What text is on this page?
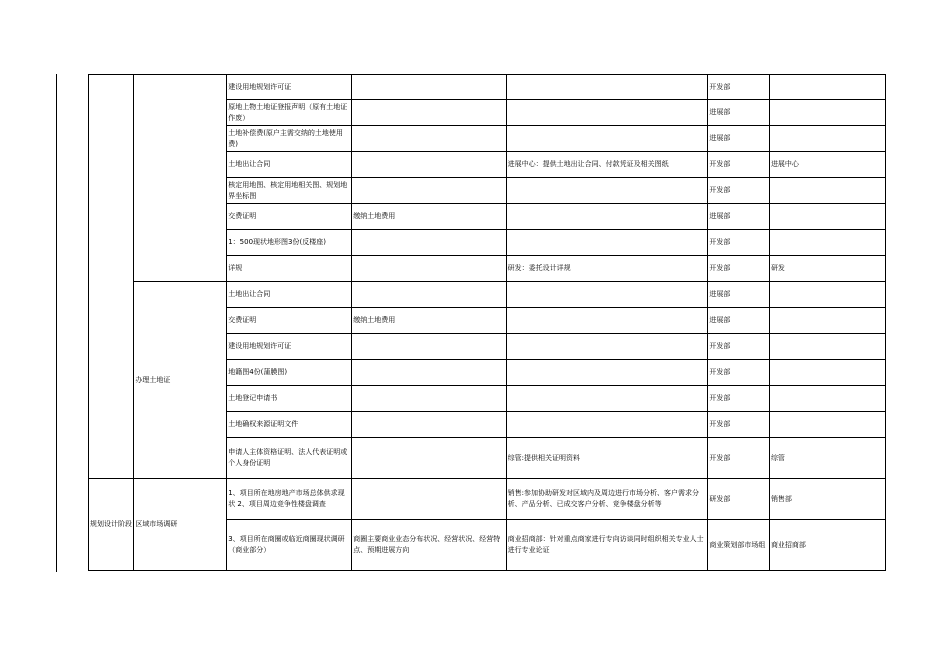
		建设用地规划许可证			开发部	
		原地上物土地证登报声明（原有土地证作废）			进展部	
		土地补偿费(原户主需交纳的土地使用费)			进展部	
		土地出让合同		进展中心：提供土地出让合同、付款凭证及相关图纸	开发部	进展中心
		核定用地图、核定用地相关图、规划地界坐标图			开发部	
		交费证明	缴纳土地费用		进展部	
		1：500现状地形图3份(反楼座)			开发部	
		详规		研发：委托设计详规	开发部	研发
	办理土地证	土地出让合同			进展部	
		交费证明	缴纳土地费用		进展部	
		建设用地规划许可证			开发部	
		地籍图4份(蒲膜图)			开发部	
		土地登记申请书			开发部	
		土地确权来源证明文件			开发部	
		申请人主体资格证明、法人代表证明或个人身份证明		综管:提供相关证明资料	开发部	综管
规划设计阶段	区域市场调研	1、项目所在地房地产市场总体供求现状 2、项目周边竞争性楼盘调查		销售:参加协助研发对区域内及周边进行市场分析、客户需求分析、产品分析、已成交客户分析、竞争楼盘分析等	研发部	销售部
		3、项目所在商圈或临近商圈现状调研（商业部分）	商圈主要商业业态分布状况、经营状况、经营特点、预期进展方向	商业招商部：针对重点商家进行专向访谈同时组织相关专业人士进行专业论证	商业策划部市场组	商业招商部
